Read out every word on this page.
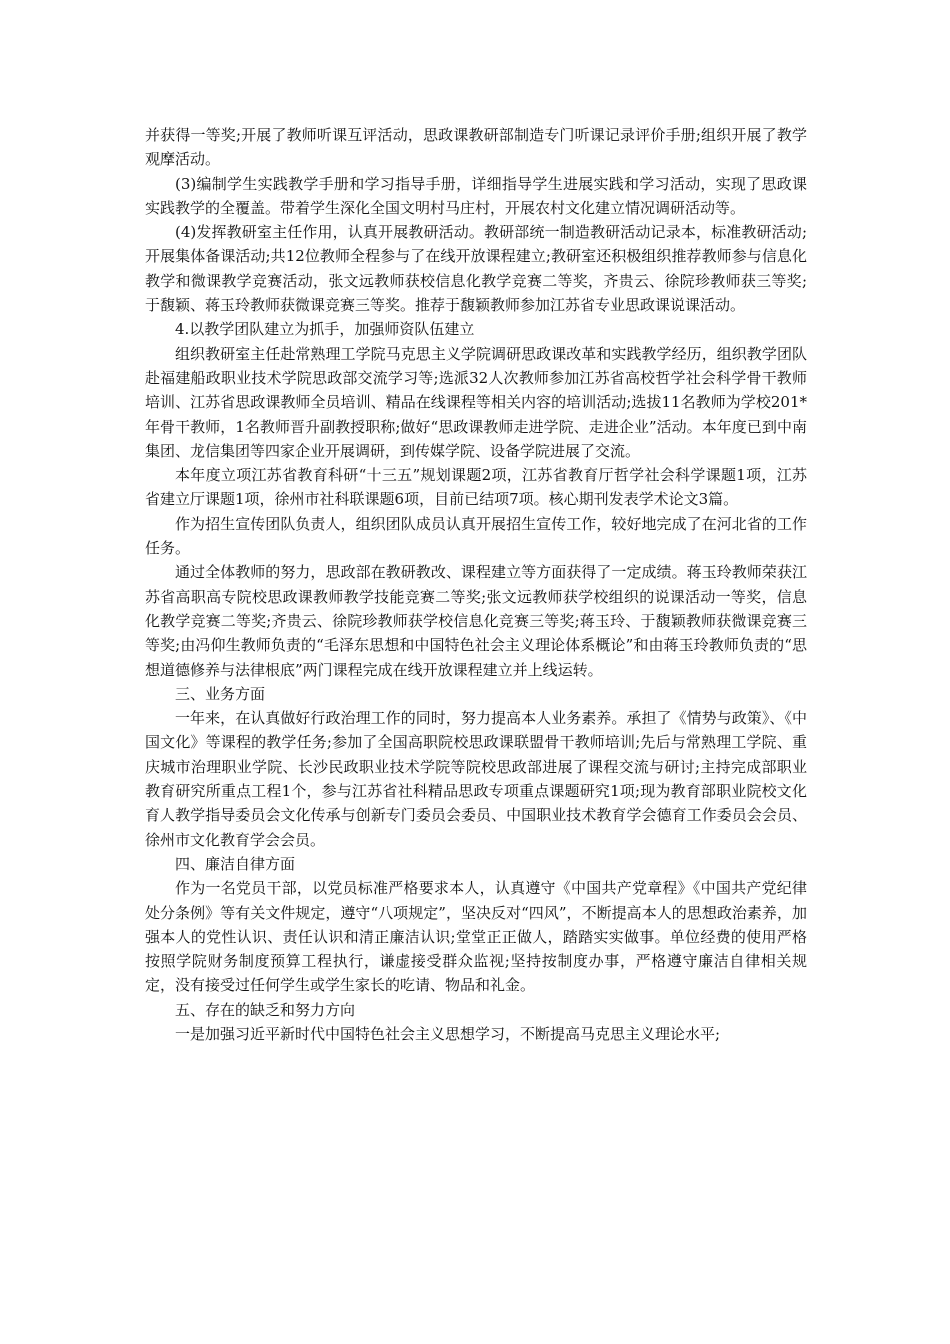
并获得一等奖;开展了教师听课互评活动，思政课教研部制造专门听课记录评价手册;组织开展了教学观摩活动。

(3)编制学生实践教学手册和学习指导手册，详细指导学生进展实践和学习活动，实现了思政课实践教学的全覆盖。带着学生深化全国文明村马庄村，开展农村文化建立情况调研活动等。

(4)发挥教研室主任作用，认真开展教研活动。教研部统一制造教研活动记录本，标准教研活动;开展集体备课活动;共12位教师全程参与了在线开放课程建立;教研室还积极组织推荐教师参与信息化教学和微课教学竞赛活动，张文远教师获校信息化教学竞赛二等奖，齐贵云、徐院珍教师获三等奖;于馥颖、蒋玉玲教师获微课竞赛三等奖。推荐于馥颖教师参加江苏省专业思政课说课活动。

4.以教学团队建立为抓手，加强师资队伍建立

组织教研室主任赴常熟理工学院马克思主义学院调研思政课改革和实践教学经历，组织教学团队赴福建船政职业技术学院思政部交流学习等;选派32人次教师参加江苏省高校哲学社会科学骨干教师培训、江苏省思政课教师全员培训、精品在线课程等相关内容的培训活动;选拔11名教师为学校201*年骨干教师，1名教师晋升副教授职称;做好“思政课教师走进学院、走进企业”活动。本年度已到中南集团、龙信集团等四家企业开展调研，到传媒学院、设备学院进展了交流。

本年度立项江苏省教育科研“十三五”规划课题2项，江苏省教育厅哲学社会科学课题1项，江苏省建立厅课题1项，徐州市社科联课题6项，目前已结项7项。核心期刊发表学术论文3篇。

作为招生宣传团队负责人，组织团队成员认真开展招生宣传工作，较好地完成了在河北省的工作任务。

通过全体教师的努力，思政部在教研教改、课程建立等方面获得了一定成绩。蒋玉玲教师荣获江苏省高职高专院校思政课教师教学技能竞赛二等奖;张文远教师获学校组织的说课活动一等奖，信息化教学竞赛二等奖;齐贵云、徐院珍教师获学校信息化竞赛三等奖;蒋玉玲、于馥颖教师获微课竞赛三等奖;由冯仰生教师负责的“毛泽东思想和中国特色社会主义理论体系概论”和由蒋玉玲教师负责的“思想道德修养与法律根底”两门课程完成在线开放课程建立并上线运转。

三、业务方面

一年来，在认真做好行政治理工作的同时，努力提高本人业务素养。承担了《情势与政策》、《中国文化》等课程的教学任务;参加了全国高职院校思政课联盟骨干教师培训;先后与常熟理工学院、重庆城市治理职业学院、长沙民政职业技术学院等院校思政部进展了课程交流与研讨;主持完成部职业教育研究所重点工程1个，参与江苏省社科精品思政专项重点课题研究1项;现为教育部职业院校文化育人教学指导委员会文化传承与创新专门委员会委员、中国职业技术教育学会德育工作委员会会员、徐州市文化教育学会会员。

四、廉洁自律方面

作为一名党员干部，以党员标准严格要求本人，认真遵守《中国共产党章程》《中国共产党纪律处分条例》等有关文件规定，遵守“八项规定”，坚决反对“四风”，不断提高本人的思想政治素养，加强本人的党性认识、责任认识和清正廉洁认识;堂堂正正做人，踏踏实实做事。单位经费的使用严格按照学院财务制度预算工程执行，谦虚接受群众监视;坚持按制度办事，严格遵守廉洁自律相关规定，没有接受过任何学生或学生家长的吃请、物品和礼金。

五、存在的缺乏和努力方向

一是加强习近平新时代中国特色社会主义思想学习，不断提高马克思主义理论水平;
